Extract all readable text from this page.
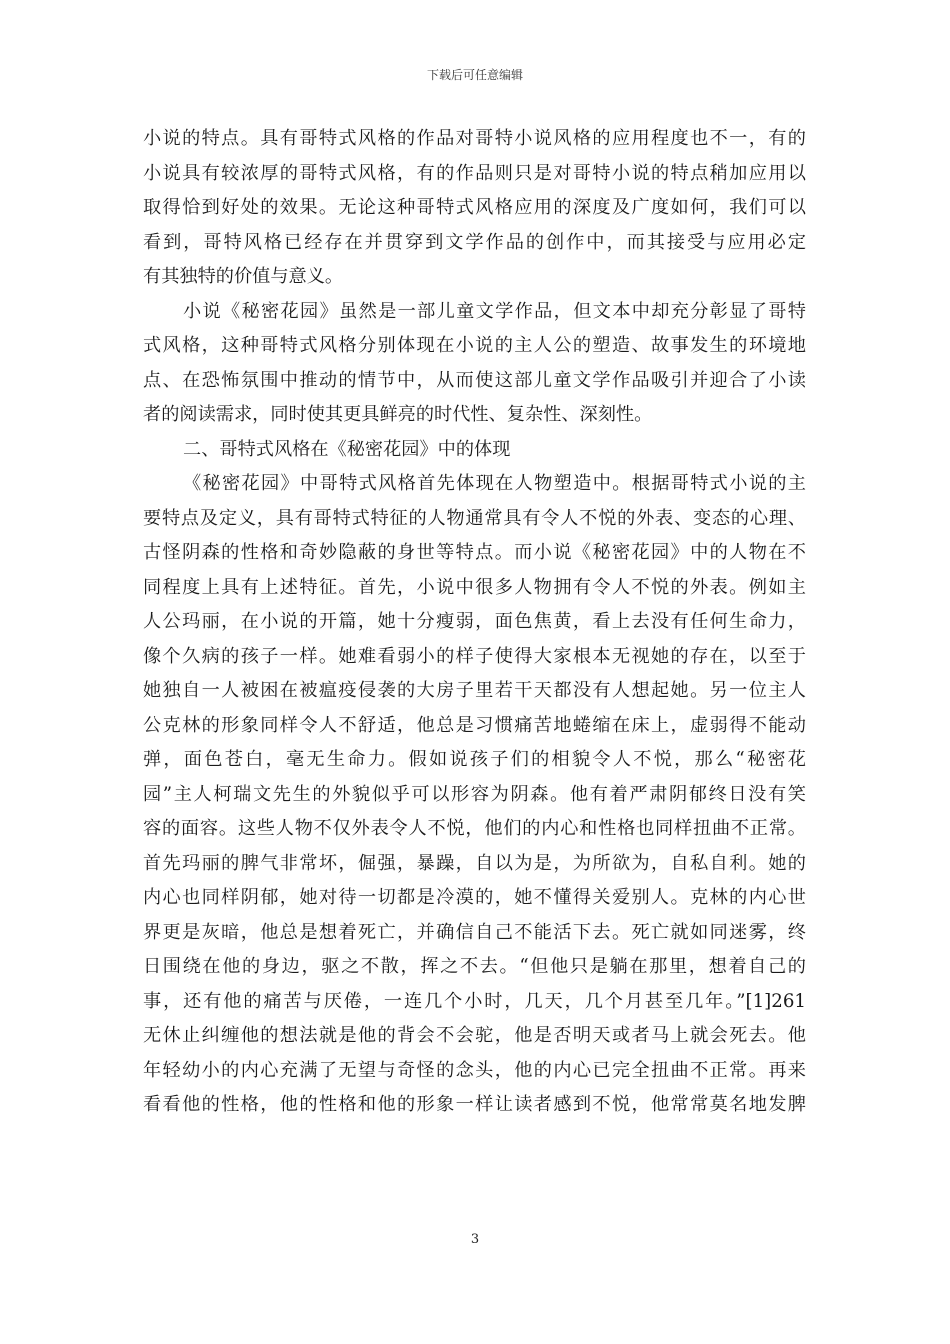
下载后可任意编辑
小说的特点。具有哥特式风格的作品对哥特小说风格的应用程度也不一，有的
小说具有较浓厚的哥特式风格，有的作品则只是对哥特小说的特点稍加应用以
取得恰到好处的效果。无论这种哥特式风格应用的深度及广度如何，我们可以
看到，哥特风格已经存在并贯穿到文学作品的创作中，而其接受与应用必定
有其独特的价值与意义。
小说《秘密花园》虽然是一部儿童文学作品，但文本中却充分彰显了哥特
式风格，这种哥特式风格分别体现在小说的主人公的塑造、故事发生的环境地
点、在恐怖氛围中推动的情节中，从而使这部儿童文学作品吸引并迎合了小读
者的阅读需求，同时使其更具鲜亮的时代性、复杂性、深刻性。
二、哥特式风格在《秘密花园》中的体现
《秘密花园》中哥特式风格首先体现在人物塑造中。根据哥特式小说的主
要特点及定义，具有哥特式特征的人物通常具有令人不悦的外表、变态的心理、
古怪阴森的性格和奇妙隐蔽的身世等特点。而小说《秘密花园》中的人物在不
同程度上具有上述特征。首先，小说中很多人物拥有令人不悦的外表。例如主
人公玛丽，在小说的开篇，她十分瘦弱，面色焦黄，看上去没有任何生命力，
像个久病的孩子一样。她难看弱小的样子使得大家根本无视她的存在，以至于
她独自一人被困在被瘟疫侵袭的大房子里若干天都没有人想起她。另一位主人
公克林的形象同样令人不舒适，他总是习惯痛苦地蜷缩在床上，虚弱得不能动
弹，面色苍白，毫无生命力。假如说孩子们的相貌令人不悦，那么“秘密花
园”主人柯瑞文先生的外貌似乎可以形容为阴森。他有着严肃阴郁终日没有笑
容的面容。这些人物不仅外表令人不悦，他们的内心和性格也同样扭曲不正常。
首先玛丽的脾气非常坏，倔强，暴躁，自以为是，为所欲为，自私自利。她的
内心也同样阴郁，她对待一切都是冷漠的，她不懂得关爱别人。克林的内心世
界更是灰暗，他总是想着死亡，并确信自己不能活下去。死亡就如同迷雾，终
日围绕在他的身边，驱之不散，挥之不去。“但他只是躺在那里，想着自己的
事，还有他的痛苦与厌倦，一连几个小时，几天，几个月甚至几年。”[1]261
无休止纠缠他的想法就是他的背会不会驼，他是否明天或者马上就会死去。他
年轻幼小的内心充满了无望与奇怪的念头，他的内心已完全扭曲不正常。再来
看看他的性格，他的性格和他的形象一样让读者感到不悦，他常常莫名地发脾
3
